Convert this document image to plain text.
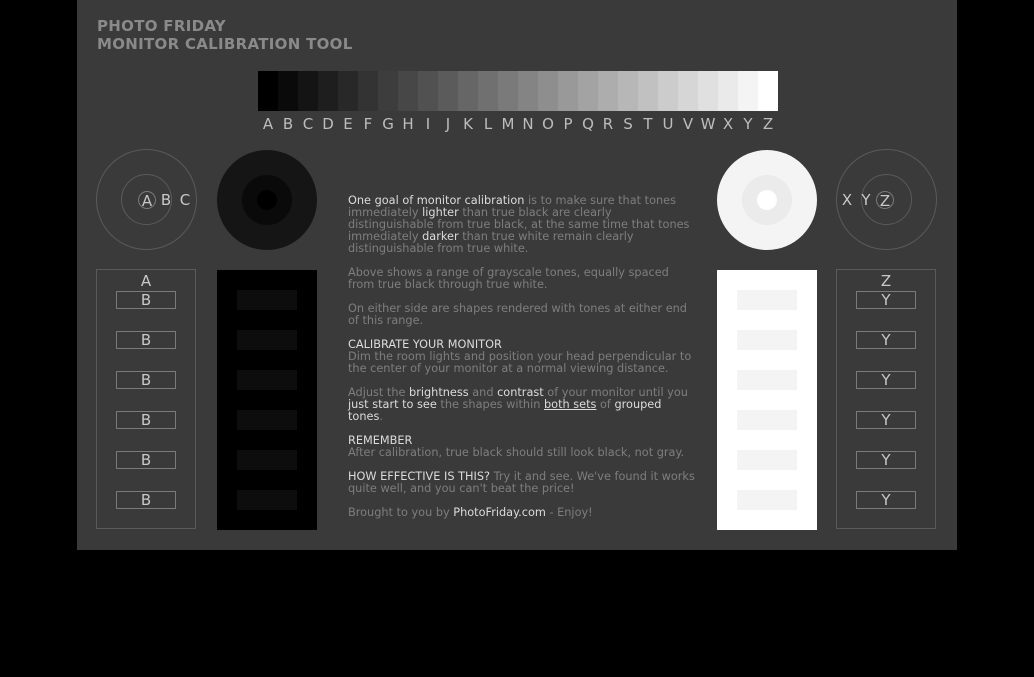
PHOTO FRIDAY
MONITOR CALIBRATION TOOL
A B C D E F G H I	J K L M N O P Q R S T U V W X Y Z
A B C	X Y Z
A
B
B
B
B
B
B
Z
Y
Y
Y
Y
Y
Y

One goal of monitor calibration is to make sure that tones immediately lighter than true black are clearly distinguishable from true black, at the same time that tones immediately darker than true white remain clearly distinguishable from true white.

Above shows a range of grayscale tones, equally spaced from true black through true white.

On either side are shapes rendered with tones at either end of this range.

CALIBRATE YOUR MONITOR
Dim the room lights and position your head perpendicular to the center of your monitor at a normal viewing distance.

Adjust the brightness and contrast of your monitor until you just start to see the shapes within both sets of grouped tones.

REMEMBER
After calibration, true black should still look black, not gray.

HOW EFFECTIVE IS THIS? Try it and see. We've found it works quite well, and you can't beat the price!

Brought to you by PhotoFriday.com - Enjoy!
